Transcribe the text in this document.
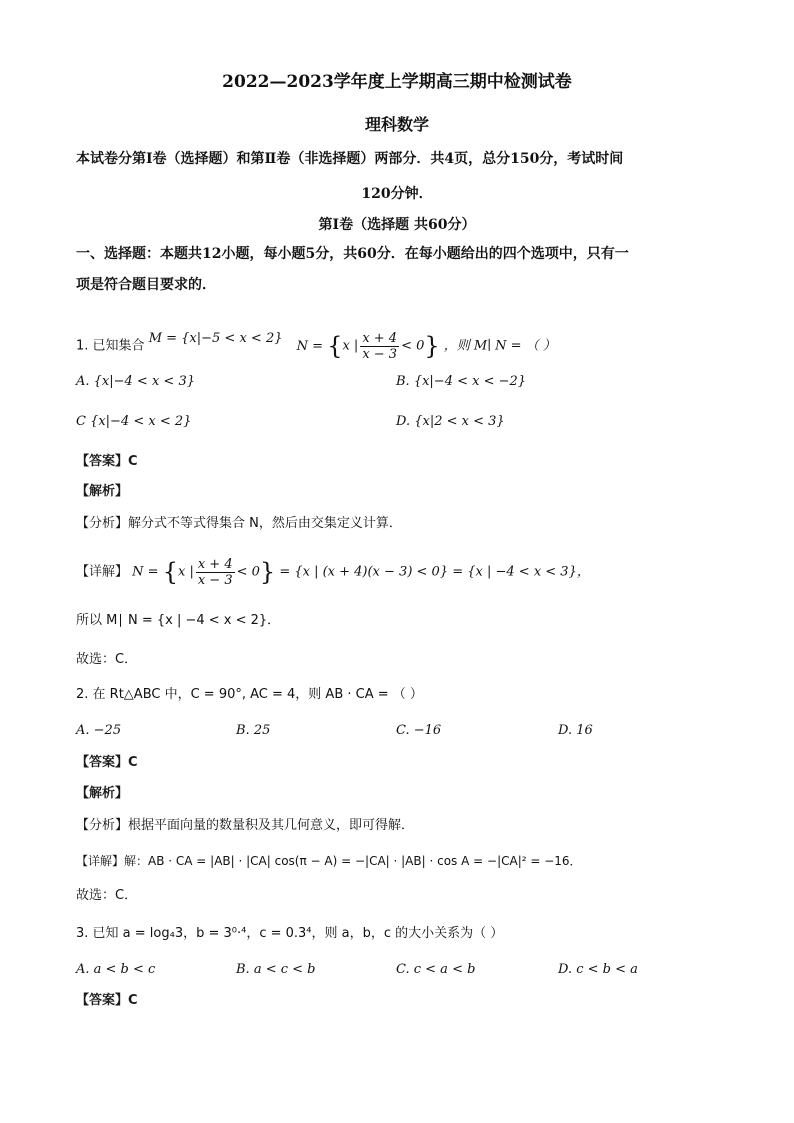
2022—2023学年度上学期高三期中检测试卷
理科数学
本试卷分第Ⅰ卷（选择题）和第Ⅱ卷（非选择题）两部分．共4页，总分150分，考试时间
120分钟．
第Ⅰ卷（选择题 共60分）
一、选择题：本题共12小题，每小题5分，共60分．在每小题给出的四个选项中，只有一
项是符合题目要求的．
1. 已知集合 M = {x|−5 < x < 2} N = {x | $\frac{x + 4}{x - 3} < 0$} ，则 M∣ N = （ ）
A. {x|−4 < x < 3}	B. {x|−4 < x < −2}
C {x|−4 < x < 2}	D. {x|2 < x < 3}
【答案】C
【解析】
【分析】解分式不等式得集合 N，然后由交集定义计算．
【详解】 N = {x | $\frac{x + 4}{x - 3} < 0\} = \{x$ | (x + 4)(x − 3) < 0} = {x | −4 < x < 3}，
所以 M∣ N = {x | −4 < x < 2}．
故选：C．
2. 在 Rt△ABC 中，C = 90°, AC = 4，则 AB · CA = （ ）
A. −25	B. 25	C. −16	D. 16
【答案】C
【解析】
【分析】根据平面向量的数量积及其几何意义，即可得解．
【详解】解：AB · CA = |AB| · |CA| cos(π − A) = −|CA| · |AB| · cos A = −|CA|² = −16．
故选：C．
3. 已知 a = log₄3，b = 3⁰·⁴，c = 0.3⁴，则 a，b，c 的大小关系为（ ）
A. a < b < c	B. a < c < b	C. c < a < b	D. c < b < a
【答案】C
